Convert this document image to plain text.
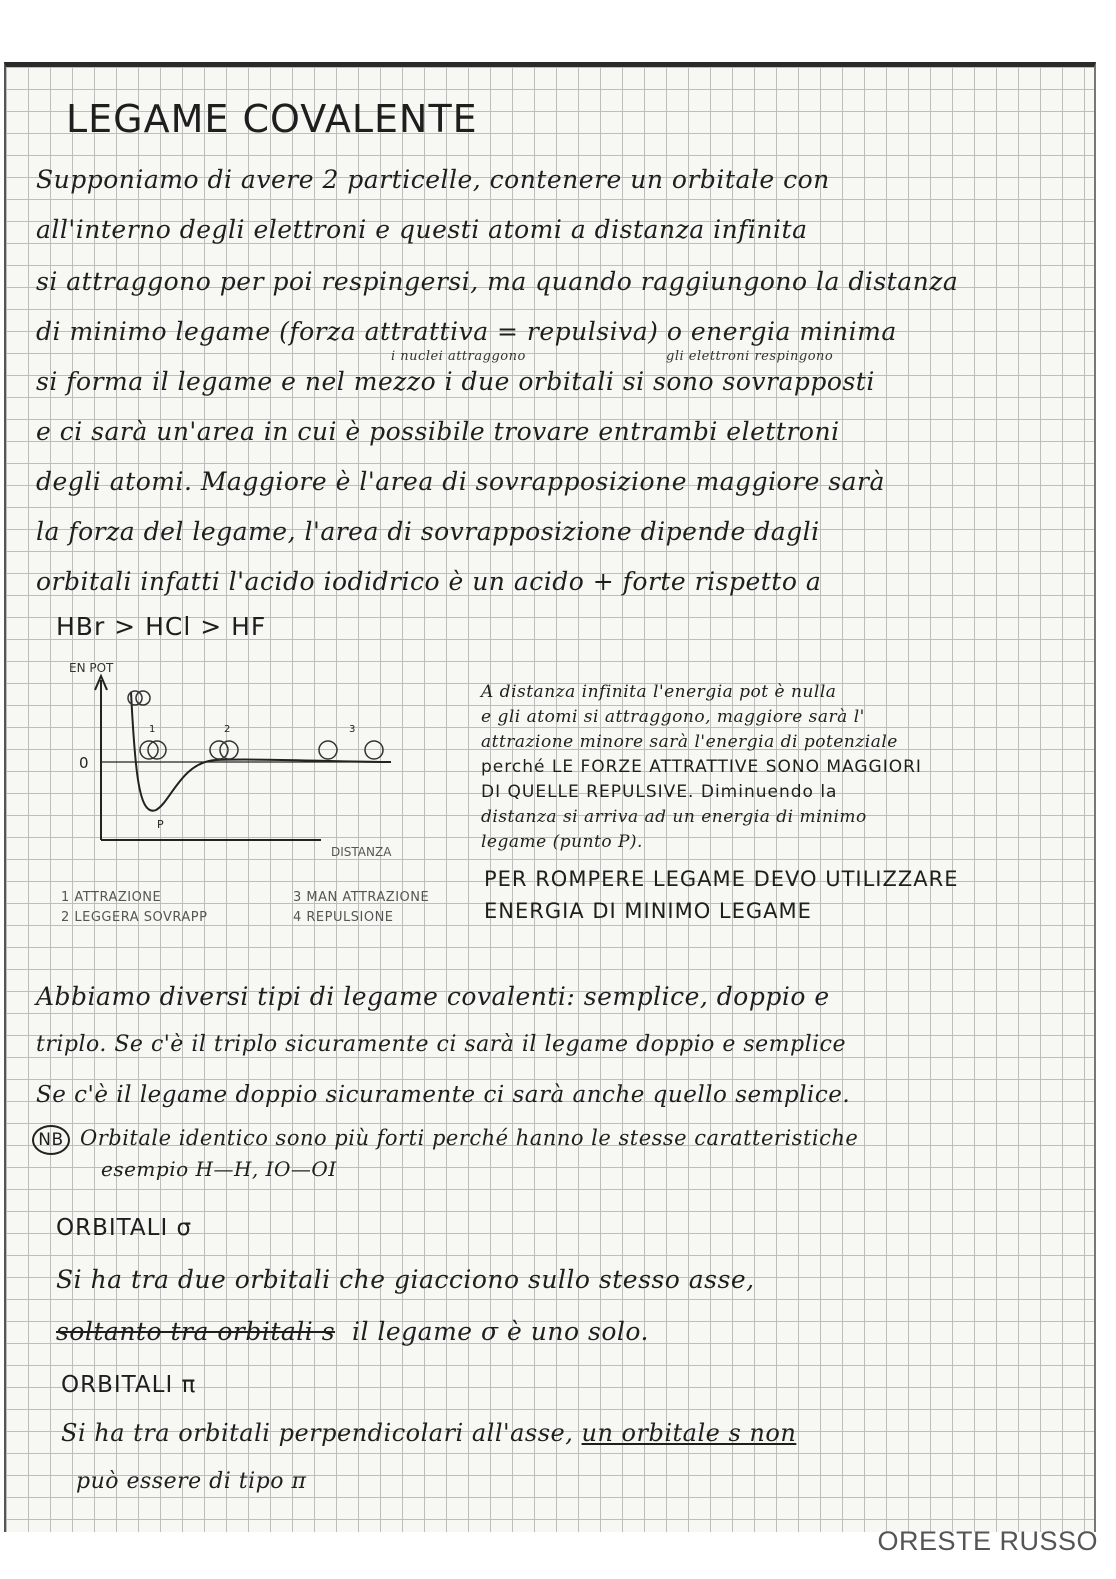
LEGAME COVALENTE
Supponiamo di avere 2 particelle, contenere un orbitale con
all'interno degli elettroni e questi atomi a distanza infinita
si attraggono per poi respingersi, ma quando raggiungono la distanza
di minimo legame (forza attrattiva = repulsiva) o energia minima
i nuclei attraggono	gli elettroni respingono
si forma il legame e nel mezzo i due orbitali si sono sovrapposti
e ci sarà un'area in cui è possibile trovare entrambi elettroni
degli atomi. Maggiore è l'area di sovrapposizione maggiore sarà
la forza del legame, l'area di sovrapposizione dipende dagli
orbitali infatti l'acido iodidrico è un acido + forte rispetto a
HBr > HCl > HF
EN POT
DISTANZA
0
P
1	2	3
1 ATTRAZIONE
2 LEGGERA SOVRAPP
3 MAN ATTRAZIONE
4 REPULSIONE
A distanza infinita l'energia pot è nulla
e gli atomi si attraggono, maggiore sarà l'
attrazione minore sarà l'energia di potenziale
perché LE FORZE ATTRATTIVE SONO MAGGIORI
DI QUELLE REPULSIVE. Diminuendo la
distanza si arriva ad un energia di minimo
legame (punto P).
PER ROMPERE LEGAME DEVO UTILIZZARE
ENERGIA DI MINIMO LEGAME
Abbiamo diversi tipi di legame covalenti: semplice, doppio e
triplo. Se c'è il triplo sicuramente ci sarà il legame doppio e semplice
Se c'è il legame doppio sicuramente ci sarà anche quello semplice.
NB Orbitale identico sono più forti perché hanno le stesse caratteristiche
esempio H—H, IO—OI
ORBITALI σ
Si ha tra due orbitali che giacciono sullo stesso asse,
soltanto tra orbitali s il legame σ è uno solo.
ORBITALI π
Si ha tra orbitali perpendicolari all'asse, un orbitale s non
può essere di tipo π
ORESTE RUSSO
